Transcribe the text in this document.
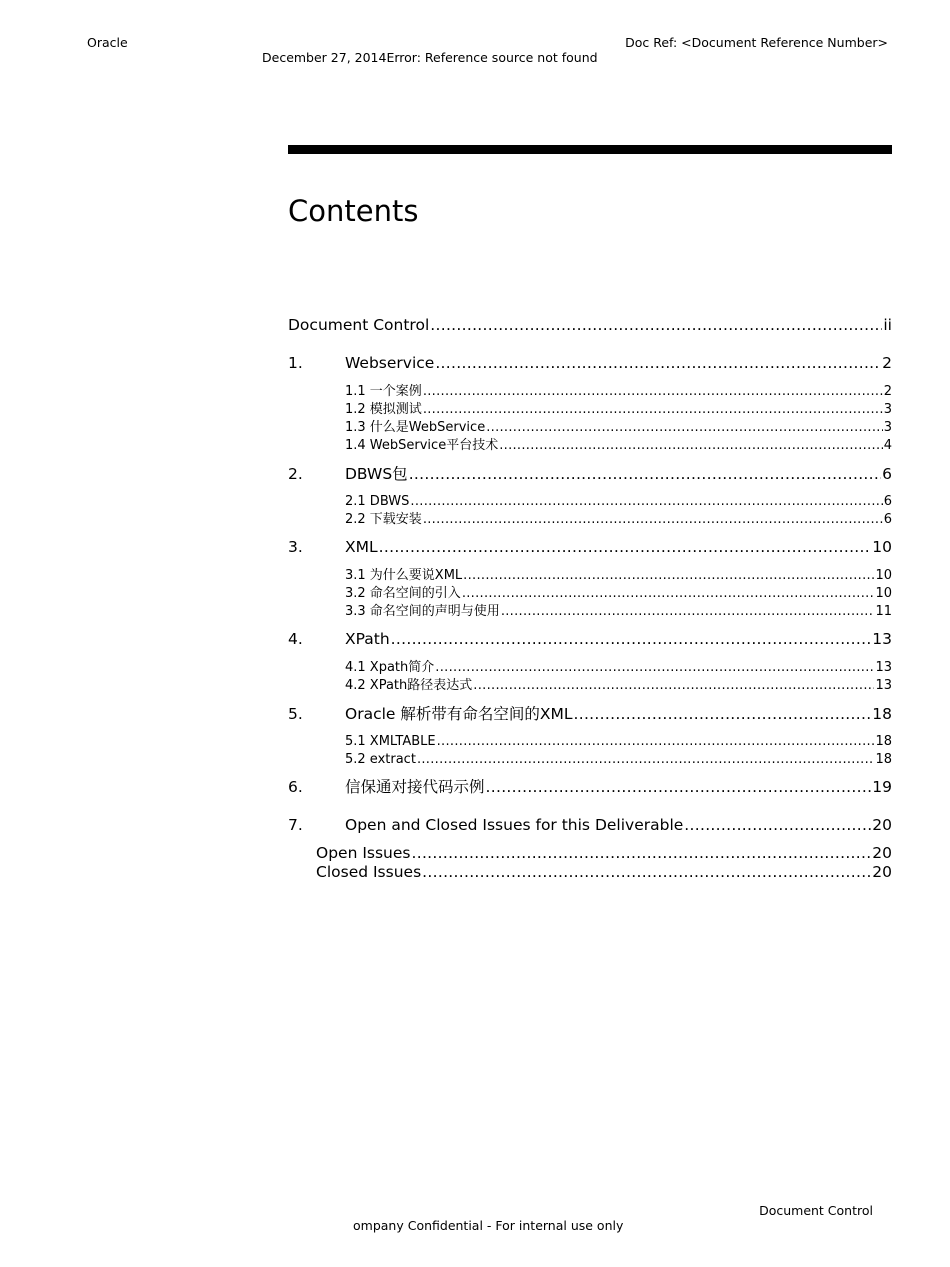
Oracle	Doc Ref: <Document Reference Number>
December 27, 2014Error: Reference source not found
Contents
Document Control .....	ii
1.	Webservice .....	2
1.1 一个案例 .....	2
1.2 模拟测试 .....	3
1.3 什么是WebService .....	3
1.4 WebService平台技术 .....	4
2.	DBWS包 .....	6
2.1 DBWS .....	6
2.2 下载安装 .....	6
3.	XML .....	10
3.1 为什么要说XML .....	10
3.2 命名空间的引入 .....	10
3.3 命名空间的声明与使用 .....	11
4.	XPath .....	13
4.1 Xpath简介 .....	13
4.2 XPath路径表达式 .....	13
5.	Oracle 解析带有命名空间的XML .....	18
5.1 XMLTABLE .....	18
5.2 extract .....	18
6.	信保通对接代码示例 .....	19
7.	Open and Closed Issues for this Deliverable .....	20
Open Issues .....	20
Closed Issues .....	20
Document Control
ompany Confidential - For internal use only
